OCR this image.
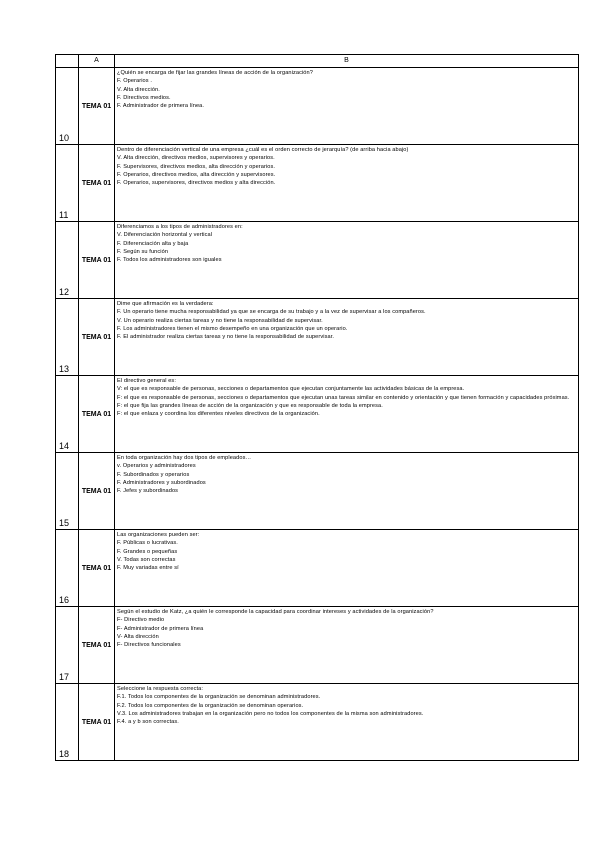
	A	B

10	TEMA 01	¿Quién se encarga de fijar las grandes líneas de acción de la organización?
F. Operarios .
V. Alta dirección.
F. Directivos medios.
F. Administrador de primera línea.

11	TEMA 01	Dentro de diferenciación vertical de una empresa ¿cuál es el orden correcto de jerarquía? (de arriba hacia abajo)
V. Alta dirección, directivos medios, supervisores y operarios.
F. Supervisores, directivos medios, alta dirección y operarios.
F. Operarios, directivos medios, alta dirección y supervisores.
F. Operarios, supervisores, directivos medios y alta dirección.

12	TEMA 01	Diferenciamos a los tipos de administradores en:
V. Diferenciación horizontal y vertical
F. Diferenciación alta y baja
F. Según su función
F. Todos los administradores son iguales

13	TEMA 01	Dime que afirmación es la verdadera:
F. Un operario tiene mucha responsabilidad ya que se encarga de su trabajo y a la vez de supervisar a los compañeros.
V. Un operario realiza ciertas tareas y no tiene la responsabilidad de supervisar.
F. Los administradores tienen el mismo desempeño en una organización que un operario.
F. El administrador realiza ciertas tareas y no tiene la responsabilidad de supervisar.

14	TEMA 01	El directivo general es:
V: el que es responsable de personas, secciones o departamentos que ejecutan conjuntamente las actividades básicas de la empresa.
F: el que es responsable de personas, secciones o departamentos que ejecutan unas tareas similar en contenido y orientación y que tienen formación y capacidades próximas.
F: el que fija las grandes líneas de acción de la organización y que es responsable de toda la empresa.
F: el que enlaza y coordina los diferentes niveles directivos de la organización.

15	TEMA 01	En toda organización hay dos tipos de empleados…
v. Operarios y administradores
F. Subordinados y operarios
F. Administradores y subordinados
F. Jefes y subordinados

16	TEMA 01	Las organizaciones pueden ser:
F. Públicas o lucrativas.
F. Grandes o pequeñas
V. Todas son correctas
F. Muy variadas entre sí

17	TEMA 01	Según el estudio de Katz, ¿a quién le corresponde la capacidad para coordinar intereses y actividades de la organización?
F- Directivo medio
F- Administrador de primera línea
V- Alta dirección
F- Directivos funcionales

18	TEMA 01	Seleccione la respuesta correcta:
F.1. Todos los componentes de la organización se denominan administradores.
F.2. Todos los componentes de la organización se denominan operarios.
V.3. Los administradores trabajan en la organización pero no todos los componentes de la misma son administradores.
F.4. a y b son correctas.
